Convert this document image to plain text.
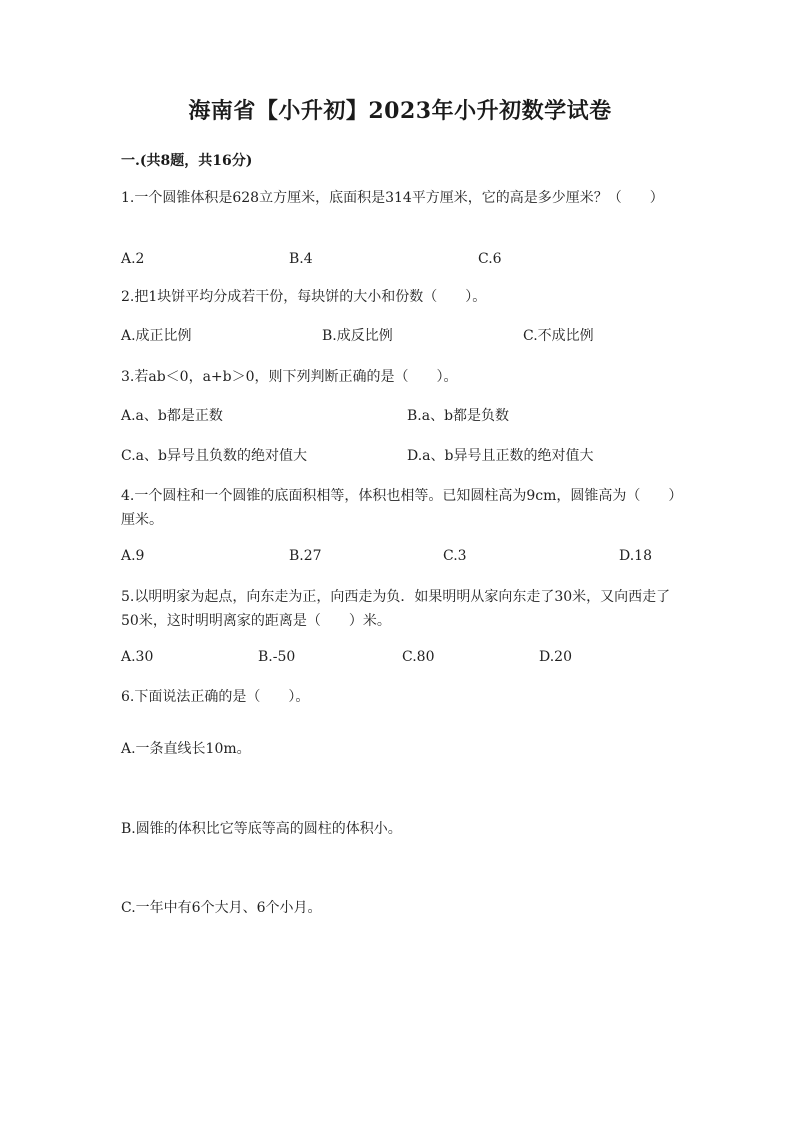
海南省【小升初】2023年小升初数学试卷
一.(共8题，共16分)
1.一个圆锥体积是628立方厘米，底面积是314平方厘米，它的高是多少厘米？（　　）
A.2	B.4	C.6
2.把1块饼平均分成若干份，每块饼的大小和份数（　　）。
A.成正比例	B.成反比例	C.不成比例
3.若ab＜0，a+b＞0，则下列判断正确的是（　　）。
A.a、b都是正数	B.a、b都是负数
C.a、b异号且负数的绝对值大	D.a、b异号且正数的绝对值大
4.一个圆柱和一个圆锥的底面积相等，体积也相等。已知圆柱高为9cm，圆锥高为（　　）厘米。
A.9	B.27	C.3	D.18
5.以明明家为起点，向东走为正，向西走为负．如果明明从家向东走了30米，又向西走了50米，这时明明离家的距离是（　　）米。
A.30	B.-50	C.80	D.20
6.下面说法正确的是（　　）。
A.一条直线长10m。
B.圆锥的体积比它等底等高的圆柱的体积小。
C.一年中有6个大月、6个小月。
